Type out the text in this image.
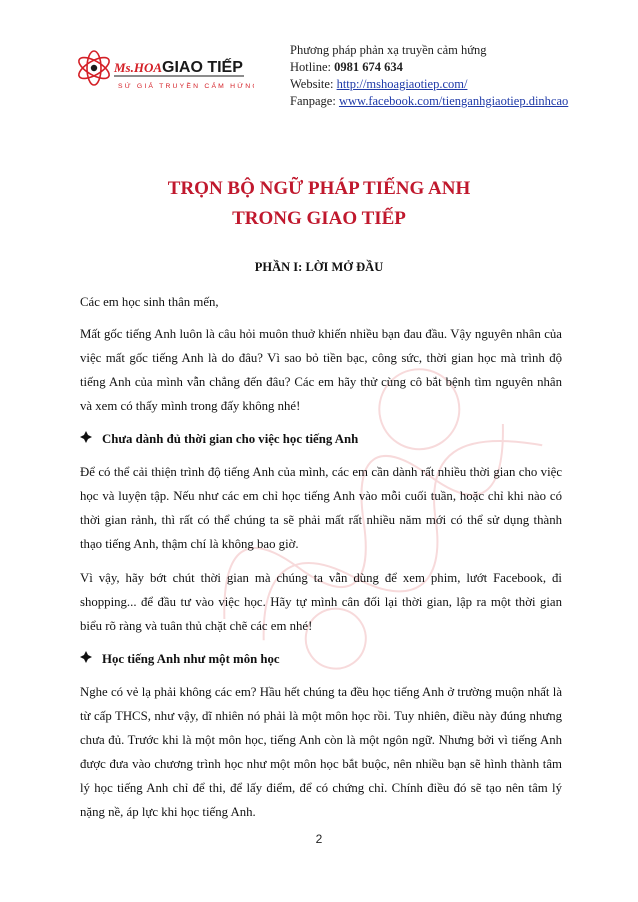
Ms.HOA GIAO TIẾP
SỨ GIẢ TRUYỀN CẢM HỨNG
Phương pháp phản xạ truyền cảm hứng
Hotline: 0981 674 634
Website: http://mshoagiaotiep.com/
Fanpage: www.facebook.com/tienganhgiaotiep.dinhcao
TRỌN BỘ NGỮ PHÁP TIẾNG ANH
TRONG GIAO TIẾP
PHẦN I: LỜI MỞ ĐẦU

Các em học sinh thân mến,

Mất gốc tiếng Anh luôn là câu hỏi muôn thuở khiến nhiều bạn đau đầu. Vậy nguyên nhân của việc mất gốc tiếng Anh là do đâu? Vì sao bỏ tiền bạc, công sức, thời gian học mà trình độ tiếng Anh của mình vẫn chẳng đến đâu? Các em hãy thử cùng cô bắt bệnh tìm nguyên nhân và xem có thấy mình trong đấy không nhé!

Chưa dành đủ thời gian cho việc học tiếng Anh

Để có thể cải thiện trình độ tiếng Anh của mình, các em cần dành rất nhiều thời gian cho việc học và luyện tập. Nếu như các em chỉ học tiếng Anh vào mỗi cuối tuần, hoặc chỉ khi nào có thời gian rảnh, thì rất có thể chúng ta sẽ phải mất rất nhiều năm mới có thể sử dụng thành thạo tiếng Anh, thậm chí là không bao giờ.

Vì vậy, hãy bớt chút thời gian mà chúng ta vẫn dùng để xem phim, lướt Facebook, đi shopping... để đầu tư vào việc học. Hãy tự mình cân đối lại thời gian, lập ra một thời gian biểu rõ ràng và tuân thủ chặt chẽ các em nhé!

Học tiếng Anh như một môn học

Nghe có vẻ lạ phải không các em? Hầu hết chúng ta đều học tiếng Anh ở trường muộn nhất là từ cấp THCS, như vậy, dĩ nhiên nó phải là một môn học rồi. Tuy nhiên, điều này đúng nhưng chưa đủ. Trước khi là một môn học, tiếng Anh còn là một ngôn ngữ. Nhưng bởi vì tiếng Anh được đưa vào chương trình học như một môn học bắt buộc, nên nhiều bạn sẽ hình thành tâm lý học tiếng Anh chỉ để thi, để lấy điểm, để có chứng chỉ. Chính điều đó sẽ tạo nên tâm lý nặng nề, áp lực khi học tiếng Anh.

2
